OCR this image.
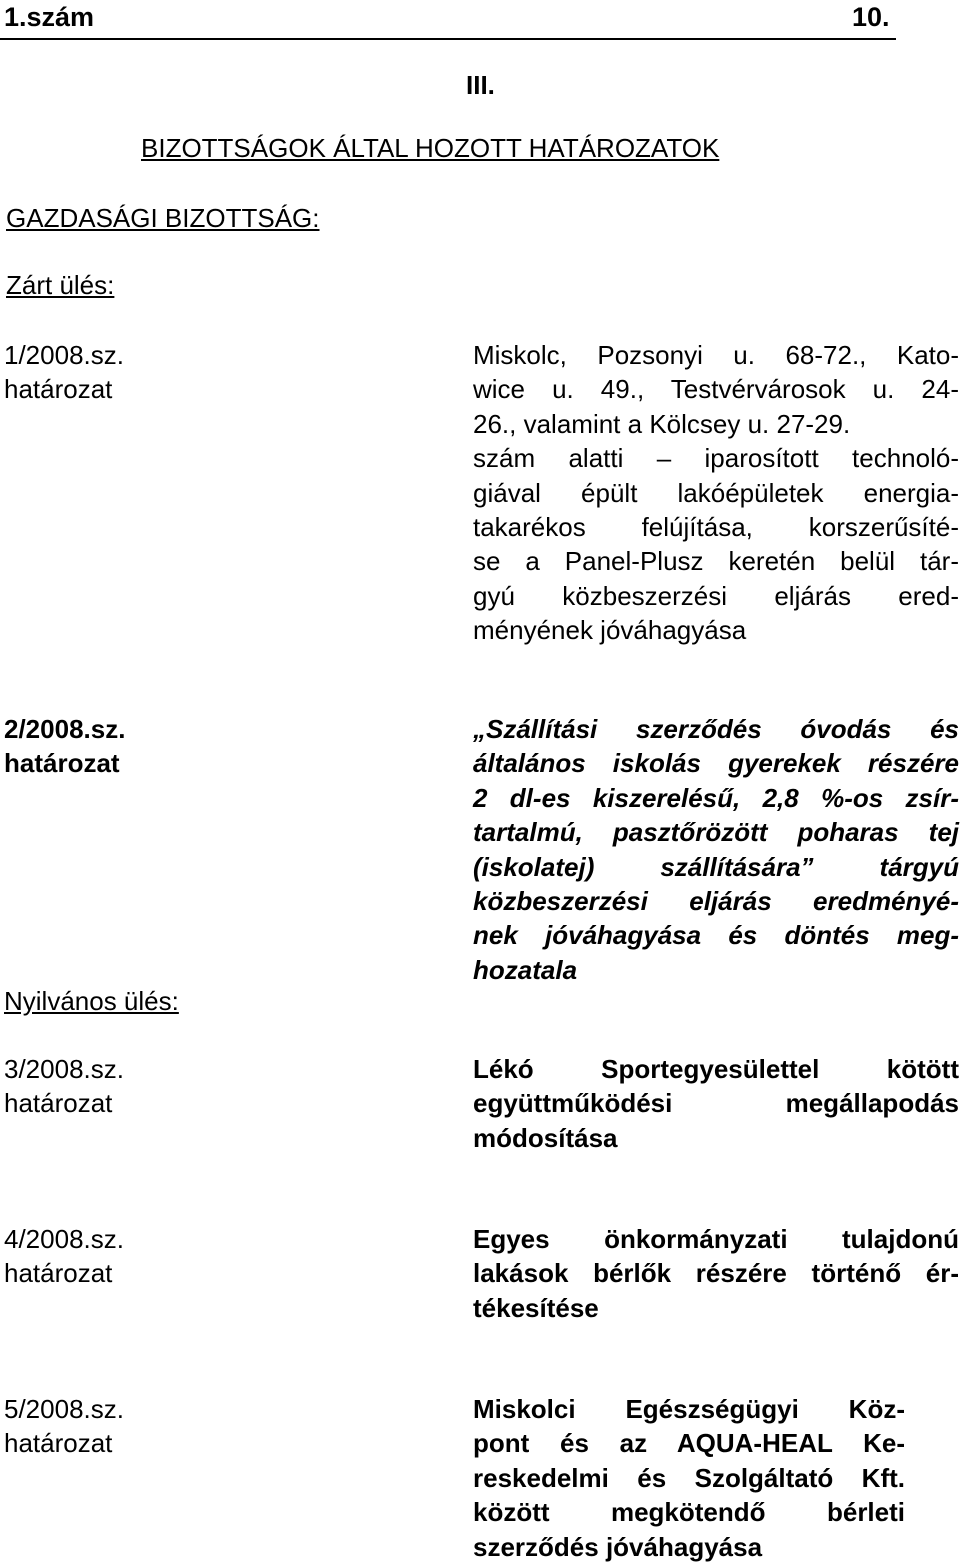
1.szám	10.
III.
BIZOTTSÁGOK ÁLTAL HOZOTT HATÁROZATOK
GAZDASÁGI BIZOTTSÁG:
Zárt ülés:
1/2008.sz.
határozat
Miskolc, Pozsonyi u. 68-72., Kato-
wice u. 49., Testvérvárosok u. 24-
26., valamint a Kölcsey u. 27-29.
szám alatti – iparosított technoló-
giával épült lakóépületek energia-
takarékos felújítása, korszerűsíté-
se a Panel-Plusz keretén belül tár-
gyú közbeszerzési eljárás ered-
ményének jóváhagyása
2/2008.sz.
határozat
„Szállítási szerződés óvodás és
általános iskolás gyerekek részére
2 dl-es kiszerelésű, 2,8 %-os zsír-
tartalmú, pasztőrözött poharas tej
(iskolatej) szállítására” tárgyú
közbeszerzési eljárás eredményé-
nek jóváhagyása és döntés meg-
hozatala
Nyilvános ülés:
3/2008.sz.
határozat
Lékó Sportegyesülettel kötött
együttműködési megállapodás
módosítása
4/2008.sz.
határozat
Egyes önkormányzati tulajdonú
lakások bérlők részére történő ér-
tékesítése
5/2008.sz.
határozat
Miskolci Egészségügyi Köz-
pont és az AQUA-HEAL Ke-
reskedelmi és Szolgáltató Kft.
között megkötendő bérleti
szerződés jóváhagyása
